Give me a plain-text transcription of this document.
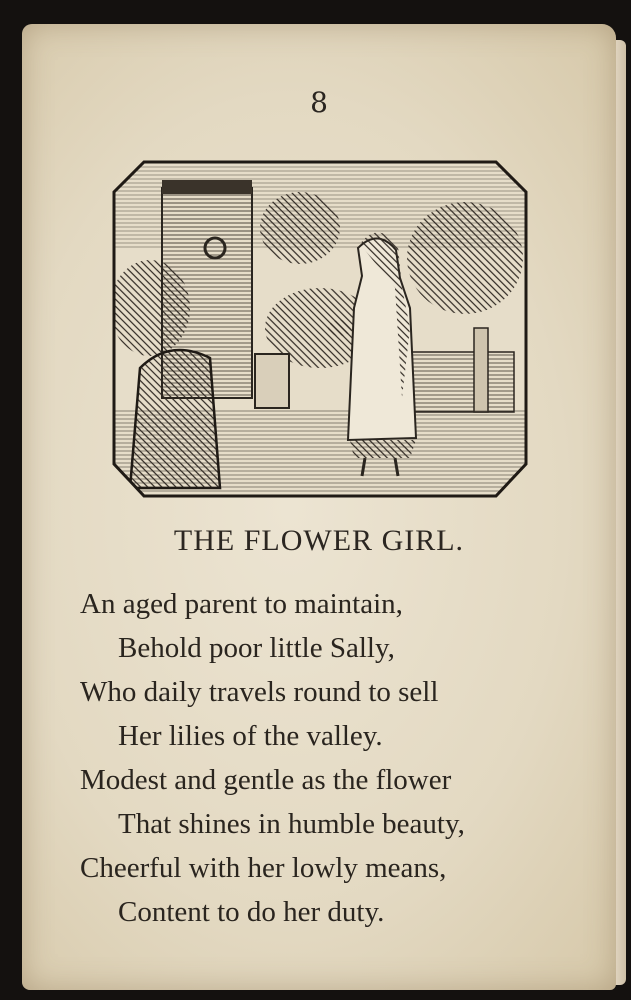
8
THE FLOWER GIRL.
An aged parent to maintain,
Behold poor little Sally,
Who daily travels round to sell
Her lilies of the valley.
Modest and gentle as the flower
That shines in humble beauty,
Cheerful with her lowly means,
Content to do her duty.
